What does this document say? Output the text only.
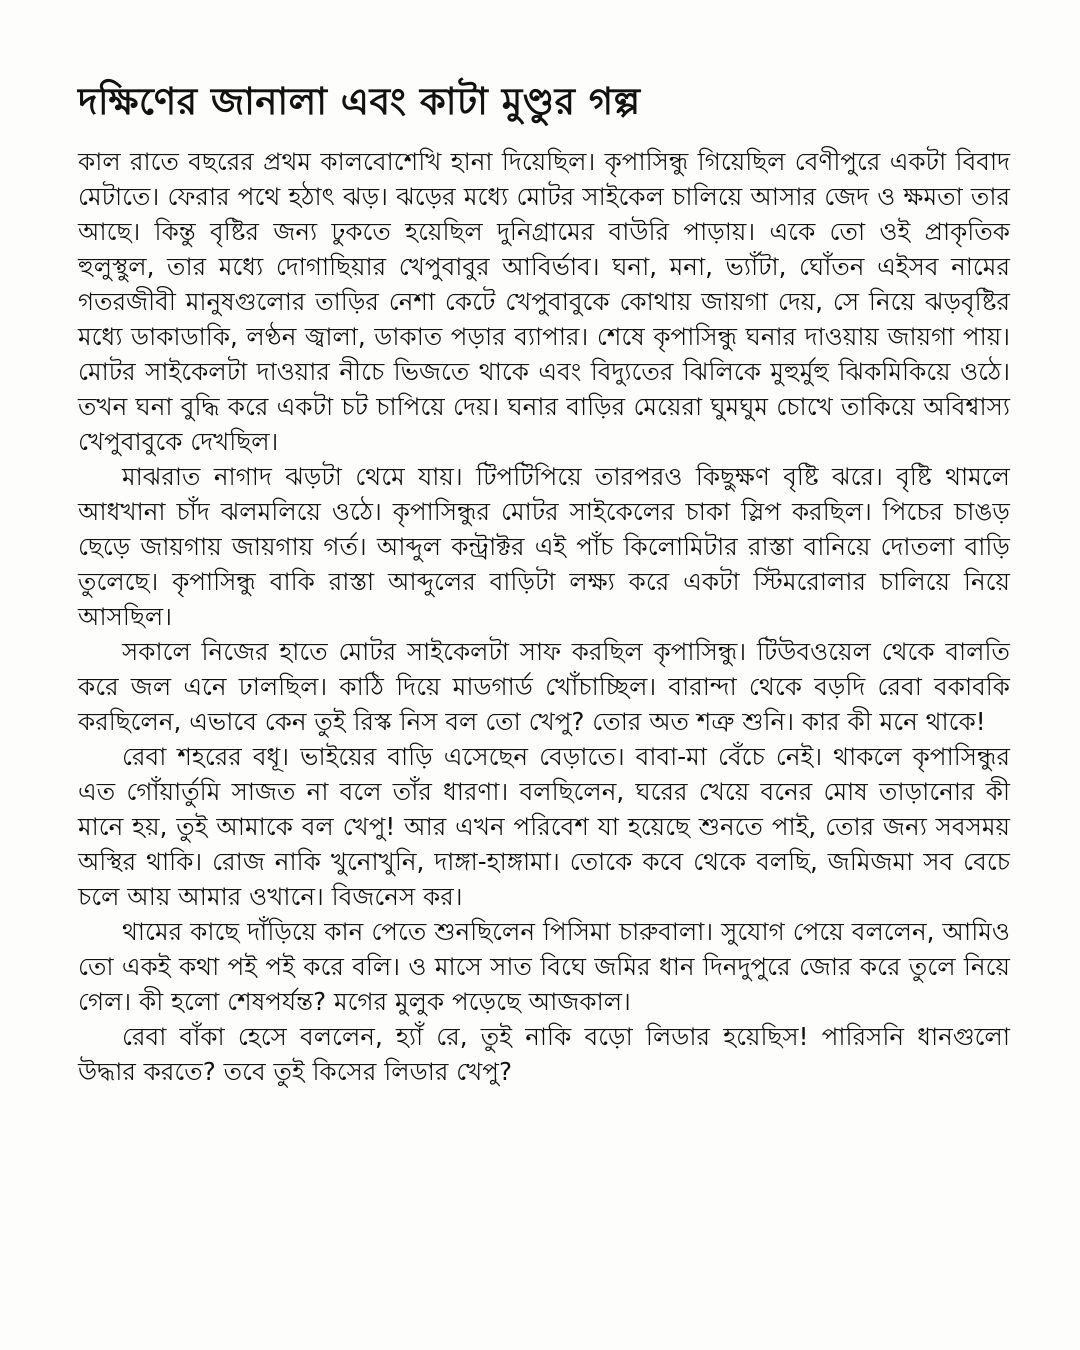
দক্ষিণের জানালা এবং কাটা মুণ্ডুর গল্প

কাল রাতে বছরের প্রথম কালবোশেখি হানা দিয়েছিল। কৃপাসিন্ধু গিয়েছিল বেণীপুরে একটা বিবাদ মেটাতে। ফেরার পথে হঠাৎ ঝড়। ঝড়ের মধ্যে মোটর সাইকেল চালিয়ে আসার জেদ ও ক্ষমতা তার আছে। কিন্তু বৃষ্টির জন্য ঢুকতে হয়েছিল দুনিগ্রামের বাউরি পাড়ায়। একে তো ওই প্রাকৃতিক হুলুস্থুল, তার মধ্যে দোগাছিয়ার খেপুবাবুর আবির্ভাব। ঘনা, মনা, ভ্যাঁটা, ঘোঁতন এইসব নামের গতরজীবী মানুষগুলোর তাড়ির নেশা কেটে খেপুবাবুকে কোথায় জায়গা দেয়, সে নিয়ে ঝড়বৃষ্টির মধ্যে ডাকাডাকি, লণ্ঠন জ্বালা, ডাকাত পড়ার ব্যাপার। শেষে কৃপাসিন্ধু ঘনার দাওয়ায় জায়গা পায়। মোটর সাইকেলটা দাওয়ার নীচে ভিজতে থাকে এবং বিদ্যুতের ঝিলিকে মুহুর্মুহু ঝিকমিকিয়ে ওঠে। তখন ঘনা বুদ্ধি করে একটা চট চাপিয়ে দেয়। ঘনার বাড়ির মেয়েরা ঘুমঘুম চোখে তাকিয়ে অবিশ্বাস্য খেপুবাবুকে দেখছিল।

মাঝরাত নাগাদ ঝড়টা থেমে যায়। টিপটিপিয়ে তারপরও কিছুক্ষণ বৃষ্টি ঝরে। বৃষ্টি থামলে আধখানা চাঁদ ঝলমলিয়ে ওঠে। কৃপাসিন্ধুর মোটর সাইকেলের চাকা স্লিপ করছিল। পিচের চাঙড় ছেড়ে জায়গায় জায়গায় গর্ত। আব্দুল কন্ট্রাক্টর এই পাঁচ কিলোমিটার রাস্তা বানিয়ে দোতলা বাড়ি তুলেছে। কৃপাসিন্ধু বাকি রাস্তা আব্দুলের বাড়িটা লক্ষ্য করে একটা স্টিমরোলার চালিয়ে নিয়ে আসছিল।

সকালে নিজের হাতে মোটর সাইকেলটা সাফ করছিল কৃপাসিন্ধু। টিউবওয়েল থেকে বালতি করে জল এনে ঢালছিল। কাঠি দিয়ে মাডগার্ড খোঁচাচ্ছিল। বারান্দা থেকে বড়দি রেবা বকাবকি করছিলেন, এভাবে কেন তুই রিস্ক নিস বল তো খেপু? তোর অত শত্রু শুনি। কার কী মনে থাকে!

রেবা শহরের বধূ। ভাইয়ের বাড়ি এসেছেন বেড়াতে। বাবা-মা বেঁচে নেই। থাকলে কৃপাসিন্ধুর এত গোঁয়ার্তুমি সাজত না বলে তাঁর ধারণা। বলছিলেন, ঘরের খেয়ে বনের মোষ তাড়ানোর কী মানে হয়, তুই আমাকে বল খেপু! আর এখন পরিবেশ যা হয়েছে শুনতে পাই, তোর জন্য সবসময় অস্থির থাকি। রোজ নাকি খুনোখুনি, দাঙ্গা-হাঙ্গামা। তোকে কবে থেকে বলছি, জমিজমা সব বেচে চলে আয় আমার ওখানে। বিজনেস কর।

থামের কাছে দাঁড়িয়ে কান পেতে শুনছিলেন পিসিমা চারুবালা। সুযোগ পেয়ে বললেন, আমিও তো একই কথা পই পই করে বলি। ও মাসে সাত বিঘে জমির ধান দিনদুপুরে জোর করে তুলে নিয়ে গেল। কী হলো শেষপর্যন্ত? মগের মুলুক পড়েছে আজকাল।

রেবা বাঁকা হেসে বললেন, হ্যাঁ রে, তুই নাকি বড়ো লিডার হয়েছিস! পারিসনি ধানগুলো উদ্ধার করতে? তবে তুই কিসের লিডার খেপু?
